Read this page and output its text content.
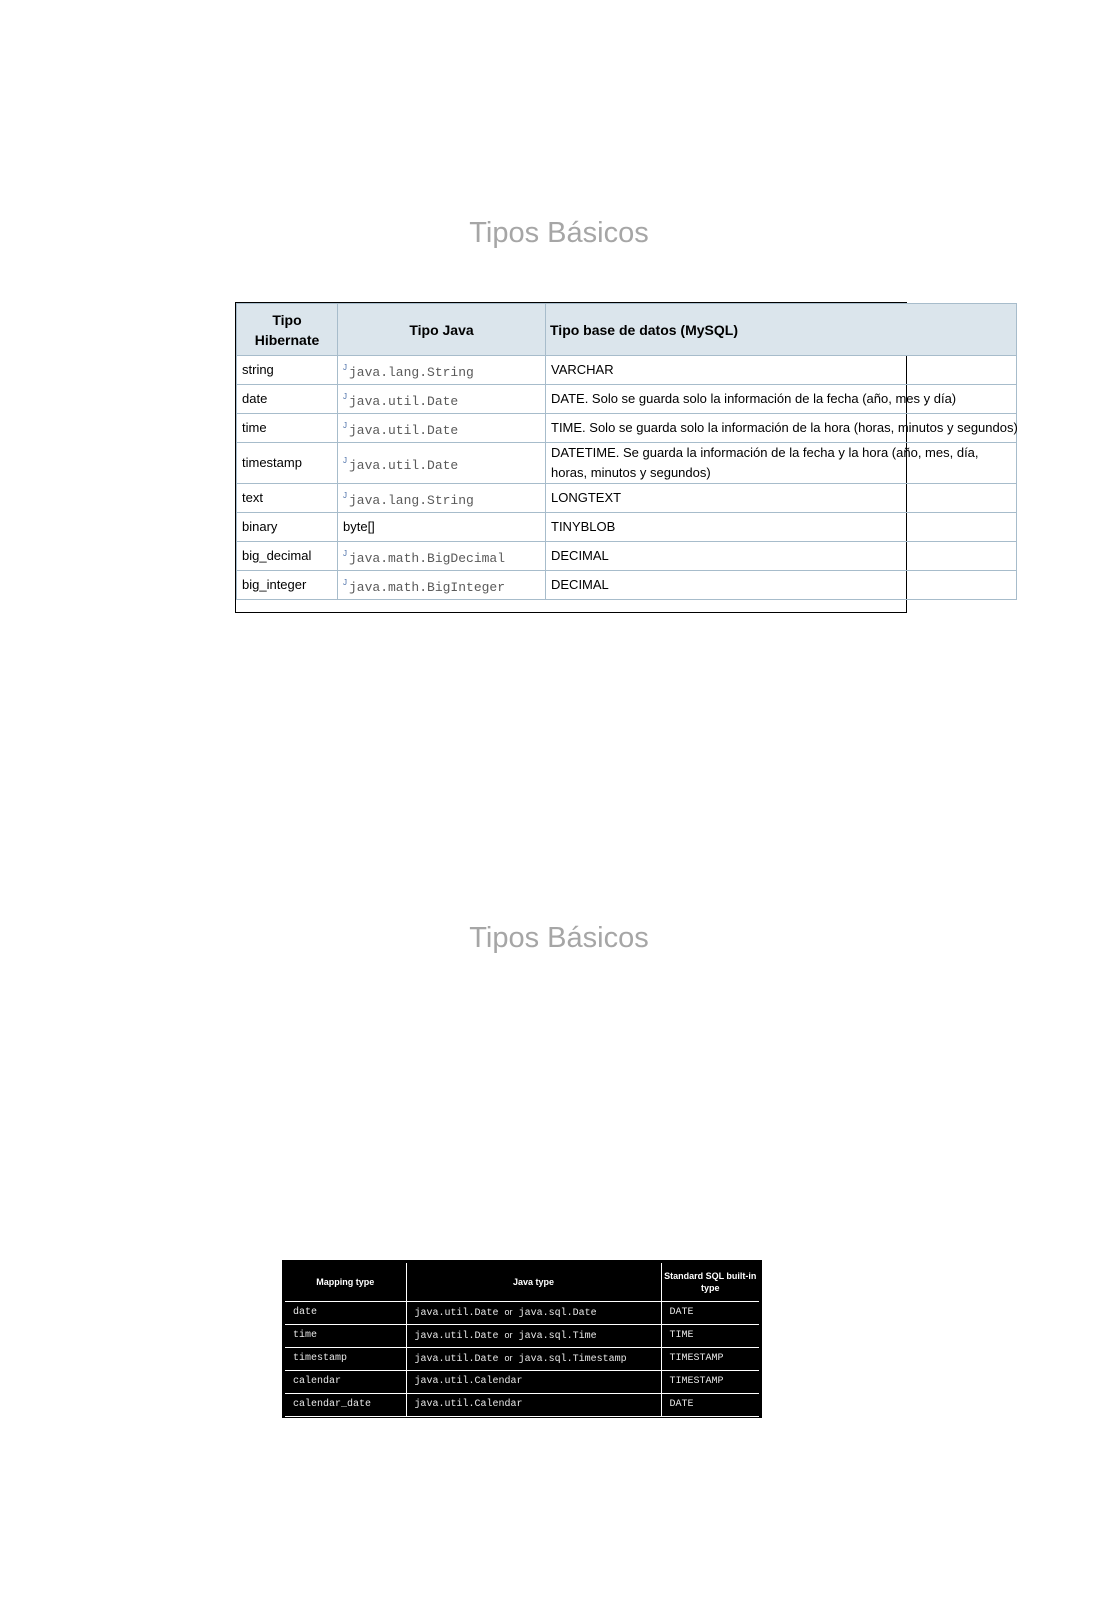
Tipos Básicos
Tipo Hibernate	Tipo Java	Tipo base de datos (MySQL)
string	$^J$ java.lang.String	VARCHAR
date	$^J$ java.util.Date	DATE. Solo se guarda solo la información de la fecha (año, mes y día)
time	$^J$ java.util.Date	TIME. Solo se guarda solo la información de la hora (horas, minutos y segundos)
timestamp	$^J$ java.util.Date	DATETIME. Se guarda la información de la fecha y la hora (año, mes, día, horas, minutos y segundos)
text	$^J$ java.lang.String	LONGTEXT
binary	byte[]	TINYBLOB
big_decimal	$^J$ java.math.BigDecimal	DECIMAL
big_integer	$^J$ java.math.BigInteger	DECIMAL
Tipos Básicos
Mapping type	Java type	Standard SQL built-in type
date	java.util.Date or java.sql.Date	DATE
time	java.util.Date or java.sql.Time	TIME
timestamp	java.util.Date or java.sql.Timestamp	TIMESTAMP
calendar	java.util.Calendar	TIMESTAMP
calendar_date	java.util.Calendar	DATE
